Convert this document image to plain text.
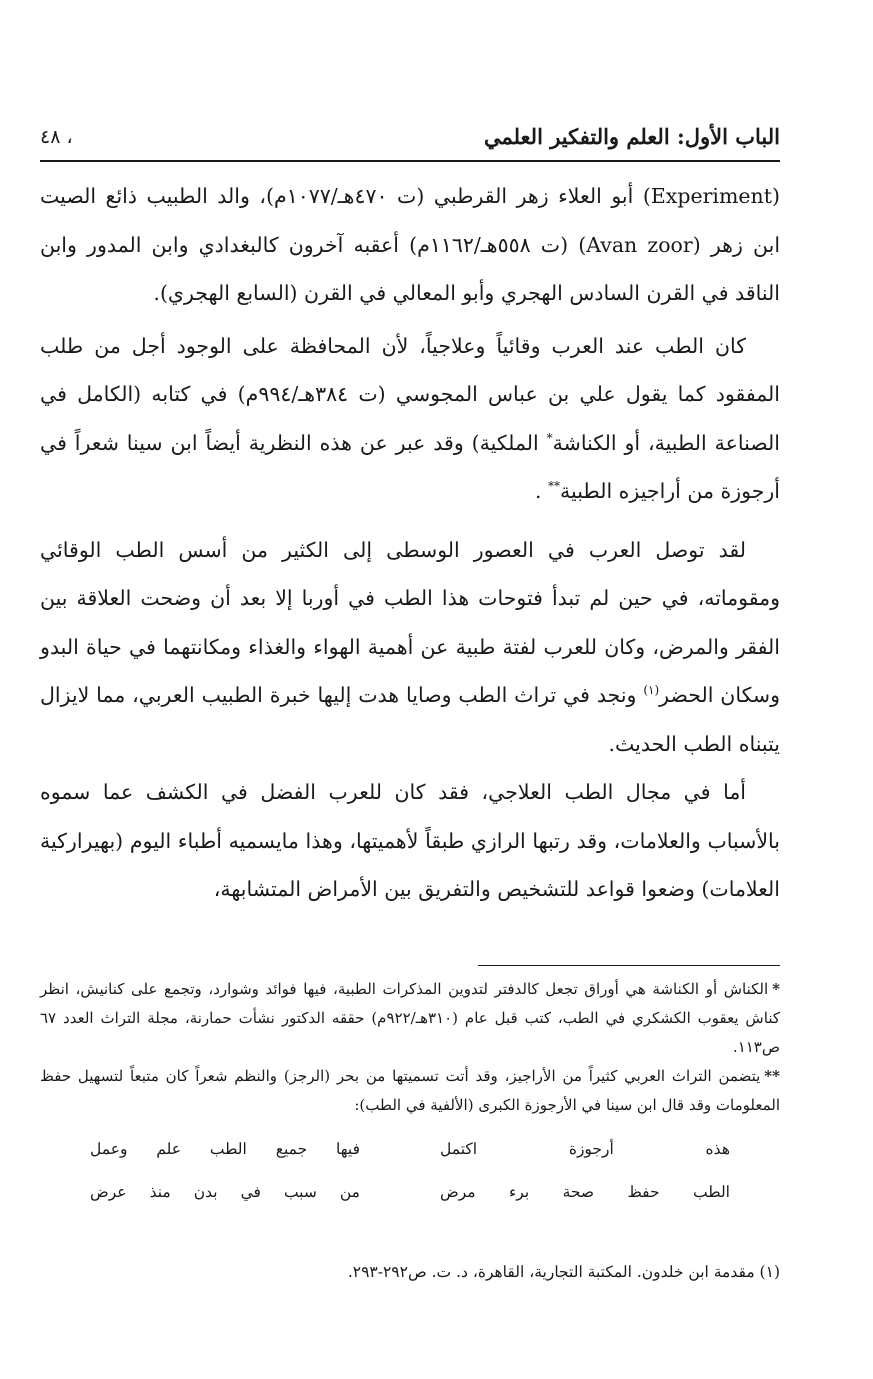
الباب الأول: العلم والتفكير العلمي
٤٨ ،

(Experiment) أبو العلاء زهر القرطبي (ت ٤٧٠هـ/١٠٧٧م)، والد الطبيب ذائع الصيت ابن زهر (Avan zoor) (ت ٥٥٨هـ/١١٦٢م) أعقبه آخرون كالبغدادي وابن المدور وابن الناقد في القرن السادس الهجري وأبو المعالي في القرن (السابع الهجري).

كان الطب عند العرب وقائياً وعلاجياً، لأن المحافظة على الوجود أجل من طلب المفقود كما يقول علي بن عباس المجوسي (ت ٣٨٤هـ/٩٩٤م) في كتابه (الكامل في الصناعة الطبية، أو الكناشة* الملكية) وقد عبر عن هذه النظرية أيضاً ابن سينا شعراً في أرجوزة من أراجيزه الطبية** .

لقد توصل العرب في العصور الوسطى إلى الكثير من أسس الطب الوقائي ومقوماته، في حين لم تبدأ فتوحات هذا الطب في أوربا إلا بعد أن وضحت العلاقة بين الفقر والمرض، وكان للعرب لفتة طبية عن أهمية الهواء والغذاء ومكانتهما في حياة البدو وسكان الحضر$^{(١)}$ ونجد في تراث الطب وصايا هدت إليها خبرة الطبيب العربي، مما لايزال يتبناه الطب الحديث.

أما في مجال الطب العلاجي، فقد كان للعرب الفضل في الكشف عما سموه بالأسباب والعلامات، وقد رتبها الرازي طبقاً لأهميتها، وهذا مايسميه أطباء اليوم (بهيراركية العلامات) وضعوا قواعد للتشخيص والتفريق بين الأمراض المتشابهة،

*الكناش أو الكناشة هي أوراق تجعل كالدفتر لتدوين المذكرات الطبية، فيها فوائد وشوارد، وتجمع على كنانيش، انظر كناش يعقوب الكشكري في الطب، كتب قبل عام (٣١٠هـ/٩٢٢م) حققه الدكتور نشأت حمارنة، مجلة التراث العدد ٦٧ ص١١٣.

**يتضمن التراث العربي كثيراً من الأراجيز، وقد أتت تسميتها من بحر (الرجز) والنظم شعراً كان متبعاً لتسهيل حفظ المعلومات وقد قال ابن سينا في الأرجوزة الكبرى (الألفية في الطب):

هذه أرجوزة اكتمل
فيها جميع الطب علم وعمل
الطب حفظ صحة برء مرض
من سبب في بدن منذ عرض
(١) مقدمة ابن خلدون. المكتبة التجارية، القاهرة، د. ت. ص٢٩٢-٢٩٣.
